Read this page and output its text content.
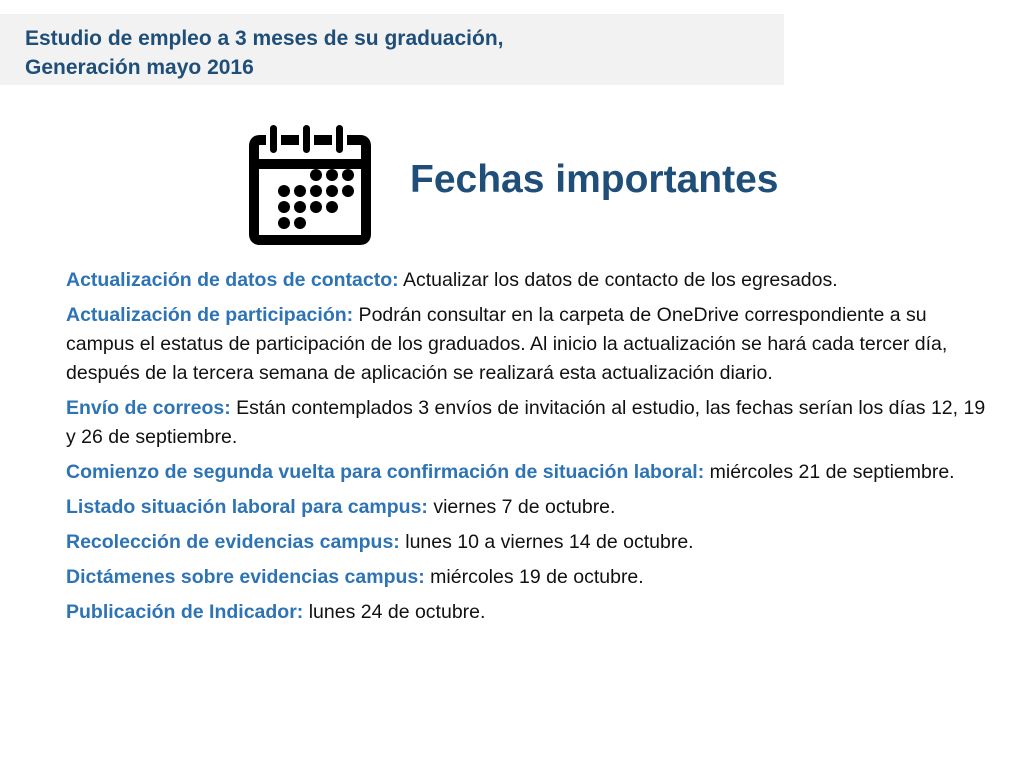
Estudio de empleo a 3 meses de su graduación,
Generación mayo 2016
Fechas importantes
Actualización de datos de contacto: Actualizar los datos de contacto de los egresados.
Actualización de participación: Podrán consultar en la carpeta de OneDrive correspondiente a su campus el estatus de participación de los graduados. Al inicio la actualización se hará cada tercer día, después de la tercera semana de aplicación se realizará esta actualización diario.
Envío de correos: Están contemplados 3 envíos de invitación al estudio, las fechas serían los días 12, 19 y 26 de septiembre.
Comienzo de segunda vuelta para confirmación de situación laboral: miércoles 21 de septiembre.
Listado situación laboral para campus: viernes 7 de octubre.
Recolección de evidencias campus: lunes 10 a viernes 14 de octubre.
Dictámenes sobre evidencias campus: miércoles 19 de octubre.
Publicación de Indicador: lunes 24 de octubre.
